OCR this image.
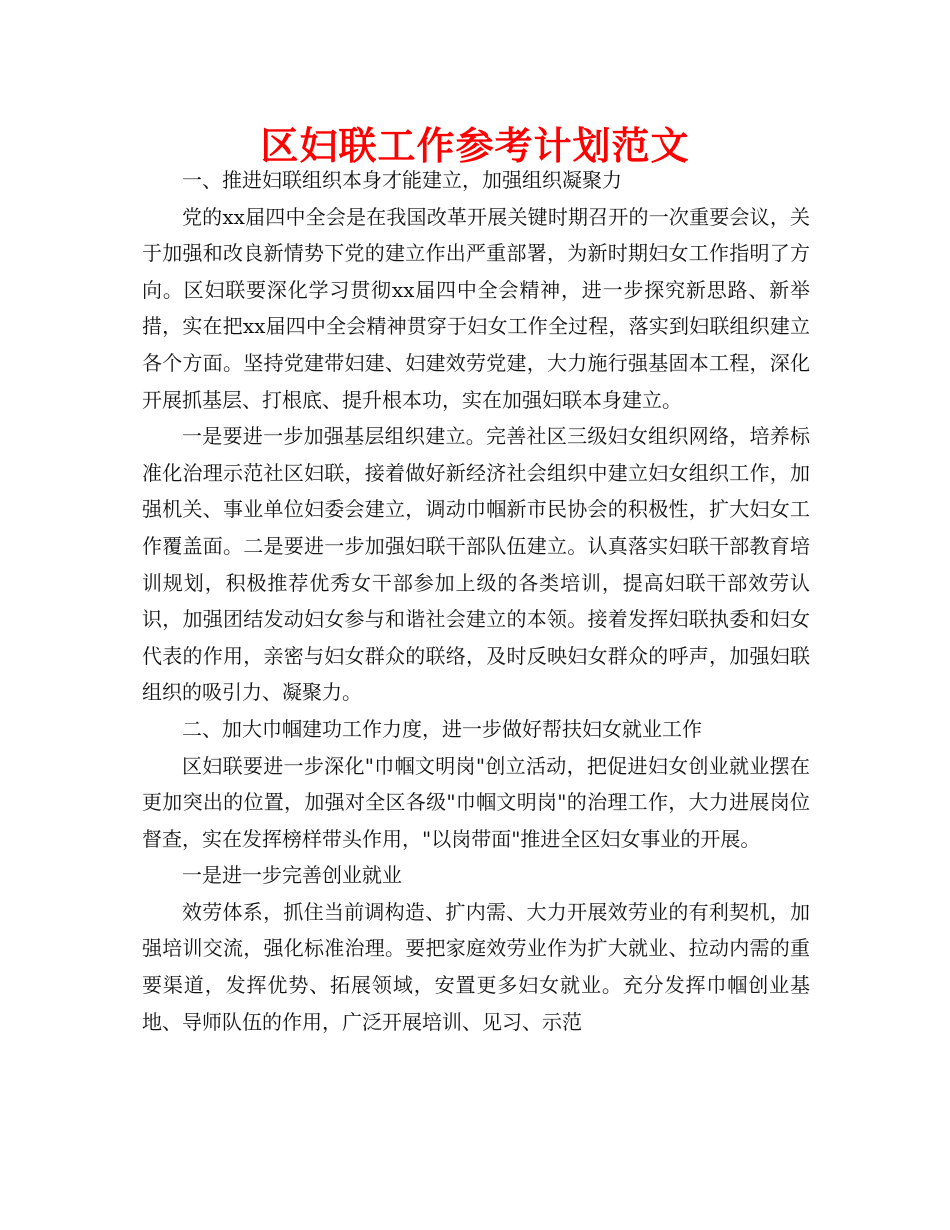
区妇联工作参考计划范文

一、推进妇联组织本身才能建立，加强组织凝聚力

党的xx届四中全会是在我国改革开展关键时期召开的一次重要会议，关于加强和改良新情势下党的建立作出严重部署，为新时期妇女工作指明了方向。区妇联要深化学习贯彻xx届四中全会精神，进一步探究新思路、新举措，实在把xx届四中全会精神贯穿于妇女工作全过程，落实到妇联组织建立各个方面。坚持党建带妇建、妇建效劳党建，大力施行强基固本工程，深化开展抓基层、打根底、提升根本功，实在加强妇联本身建立。

一是要进一步加强基层组织建立。完善社区三级妇女组织网络，培养标准化治理示范社区妇联，接着做好新经济社会组织中建立妇女组织工作，加强机关、事业单位妇委会建立，调动巾帼新市民协会的积极性，扩大妇女工作覆盖面。二是要进一步加强妇联干部队伍建立。认真落实妇联干部教育培训规划，积极推荐优秀女干部参加上级的各类培训，提高妇联干部效劳认识，加强团结发动妇女参与和谐社会建立的本领。接着发挥妇联执委和妇女代表的作用，亲密与妇女群众的联络，及时反映妇女群众的呼声，加强妇联组织的吸引力、凝聚力。

二、加大巾帼建功工作力度，进一步做好帮扶妇女就业工作

区妇联要进一步深化"巾帼文明岗"创立活动，把促进妇女创业就业摆在更加突出的位置，加强对全区各级"巾帼文明岗"的治理工作，大力进展岗位督查，实在发挥榜样带头作用，"以岗带面"推进全区妇女事业的开展。

一是进一步完善创业就业

效劳体系，抓住当前调构造、扩内需、大力开展效劳业的有利契机，加强培训交流，强化标准治理。要把家庭效劳业作为扩大就业、拉动内需的重要渠道，发挥优势、拓展领域，安置更多妇女就业。充分发挥巾帼创业基地、导师队伍的作用，广泛开展培训、见习、示范
